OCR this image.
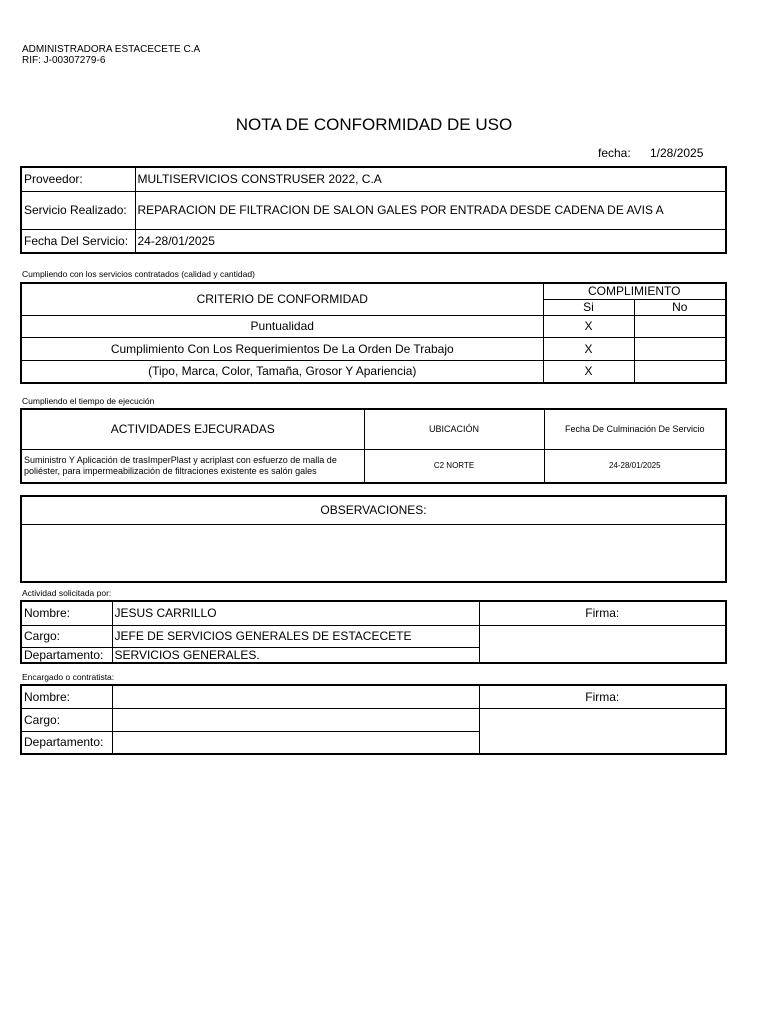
ADMINISTRADORA ESTACECETE C.A
RIF: J-00307279-6
NOTA DE CONFORMIDAD DE USO
fecha: 1/28/2025
Proveedor:	MULTISERVICIOS CONSTRUSER 2022, C.A
Servicio Realizado:	REPARACION DE FILTRACION DE SALON GALES POR ENTRADA DESDE CADENA DE AVIS A
Fecha Del Servicio:	24-28/01/2025
Cumpliendo con los servicios contratados (calidad y cantidad)
CRITERIO DE CONFORMIDAD	COMPLIMIENTO	
	Si	No
Puntualidad	X	
Cumplimiento Con Los Requerimientos De La Orden De Trabajo	X	
(Tipo, Marca, Color, Tamaña, Grosor Y Apariencia)	X	
Cumpliendo el tiempo de ejecución
ACTIVIDADES EJECURADAS	UBICACIÓN	Fecha De Culminación De Servicio
Suministro Y Aplicación de trasImperPlast y acriplast con esfuerzo de malla de poliéster, para impermeabilización de filtraciones existente es salón gales	C2 NORTE	24-28/01/2025
OBSERVACIONES:

Actividad solicitada por:
Nombre:	JESUS CARRILLO	Firma:
Cargo:	JEFE DE SERVICIOS GENERALES DE ESTACECETE	
Departamento:	SERVICIOS GENERALES.	
Encargado o contratista:
Nombre:		Firma:
Cargo:		
Departamento:		
